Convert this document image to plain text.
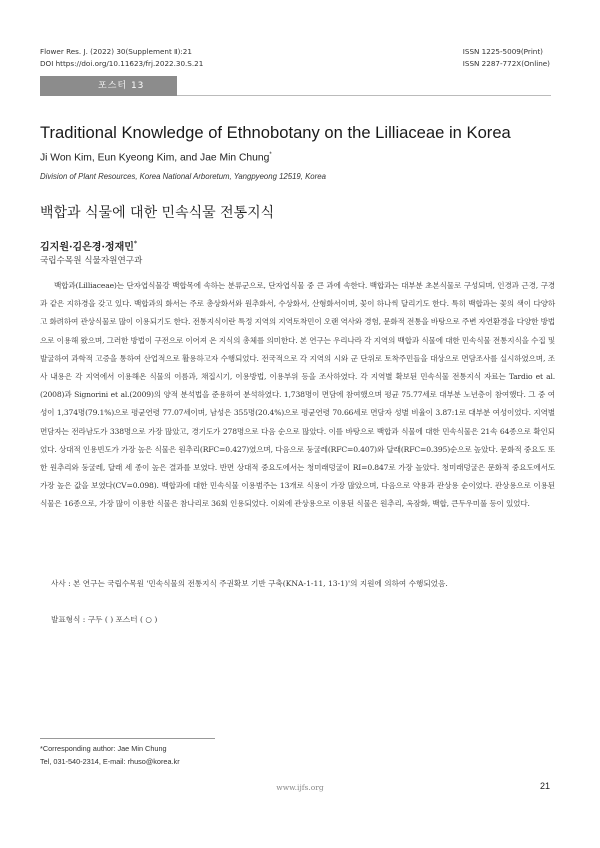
Flower Res. J. (2022) 30(Supplement Ⅱ):21
DOI https://doi.org/10.11623/frj.2022.30.S.21
ISSN 1225-5009(Print)
ISSN 2287-772X(Online)
포스터 13
Traditional Knowledge of Ethnobotany on the Lilliaceae in Korea
Ji Won Kim, Eun Kyeong Kim, and Jae Min Chung*
Division of Plant Resources, Korea National Arboretum, Yangpyeong 12519, Korea
백합과 식물에 대한 민속식물 전통지식
김지원·김은경·정재민*
국립수목원 식물자원연구과

백합과(Lilliaceae)는 단자엽식물강 백합목에 속하는 분류군으로, 단자엽식물 중 큰 과에 속한다. 백합과는 대부분 초본식물로 구성되며, 인경과 근경, 구경과 같은 지하경을 갖고 있다. 백합과의 화서는 주로 총상화서와 원추화서, 수상화서, 산형화서이며, 꽃이 하나씩 달리기도 한다. 특히 백합과는 꽃의 색이 다양하고 화려하여 관상식물로 많이 이용되기도 한다. 전통지식이란 특정 지역의 지역토착민이 오랜 역사와 경험, 문화적 전통을 바탕으로 주변 자연환경을 다양한 방법으로 이용해 왔으며, 그러한 방법이 구전으로 이어져 온 지식의 총체를 의미한다. 본 연구는 우리나라 각 지역의 백합과 식물에 대한 민속식물 전통지식을 수집 및 발굴하여 과학적 고증을 통하여 산업적으로 활용하고자 수행되었다. 전국적으로 각 지역의 시와 군 단위로 토착주민들을 대상으로 면담조사를 실시하였으며, 조사 내용은 각 지역에서 이용해온 식물의 이름과, 채집시기, 이용방법, 이용부위 등을 조사하였다. 각 지역별 확보된 민속식물 전통지식 자료는 Tardio et al.(2008)과 Signorini et al.(2009)의 양적 분석법을 준용하여 분석하였다. 1,738명이 면담에 참여했으며 평균 75.77세로 대부분 노년층이 참여했다. 그 중 여성이 1,374명(79.1%)으로 평균연령 77.07세이며, 남성은 355명(20.4%)으로 평균연령 70.66세로 면담자 성별 비율이 3.87:1로 대부분 여성이었다. 지역별 면담자는 전라남도가 338명으로 가장 많았고, 경기도가 278명으로 다음 순으로 많았다. 이를 바탕으로 백합과 식물에 대한 민속식물은 21속 64종으로 확인되었다. 상대적 인용빈도가 가장 높은 식물은 원추리(RFC=0.427)였으며, 다음으로 둥굴레(RFC=0.407)와 달래(RFC=0.395)순으로 높았다. 문화적 중요도 또한 원추리와 둥굴레, 달래 세 종이 높은 결과를 보였다. 반면 상대적 중요도에서는 청미래덩굴이 RI=0.847로 가장 높았다. 청미래덩굴은 문화적 중요도에서도 가장 높은 값을 보였다(CV=0.098). 백합과에 대한 민속식물 이용범주는 13개로 식용이 가장 많았으며, 다음으로 약용과 관상용 순이었다. 관상용으로 이용된 식물은 16종으로, 가장 많이 이용한 식물은 참나리로 36회 인용되었다. 이외에 관상용으로 이용된 식물은 원추리, 옥잠화, 백합, 큰두우미풀 등이 있었다.

사사 : 본 연구는 국립수목원 '민속식물의 전통지식 주권확보 기반 구축(KNA-1-11, 13-1)'의 지원에 의하여 수행되었음.
발표형식 : 구두 ( ) 포스터 ( ○ )
*Corresponding author: Jae Min Chung
Tel, 031-540-2314, E-mail: rhuso@korea.kr
www.ijfs.org	21
